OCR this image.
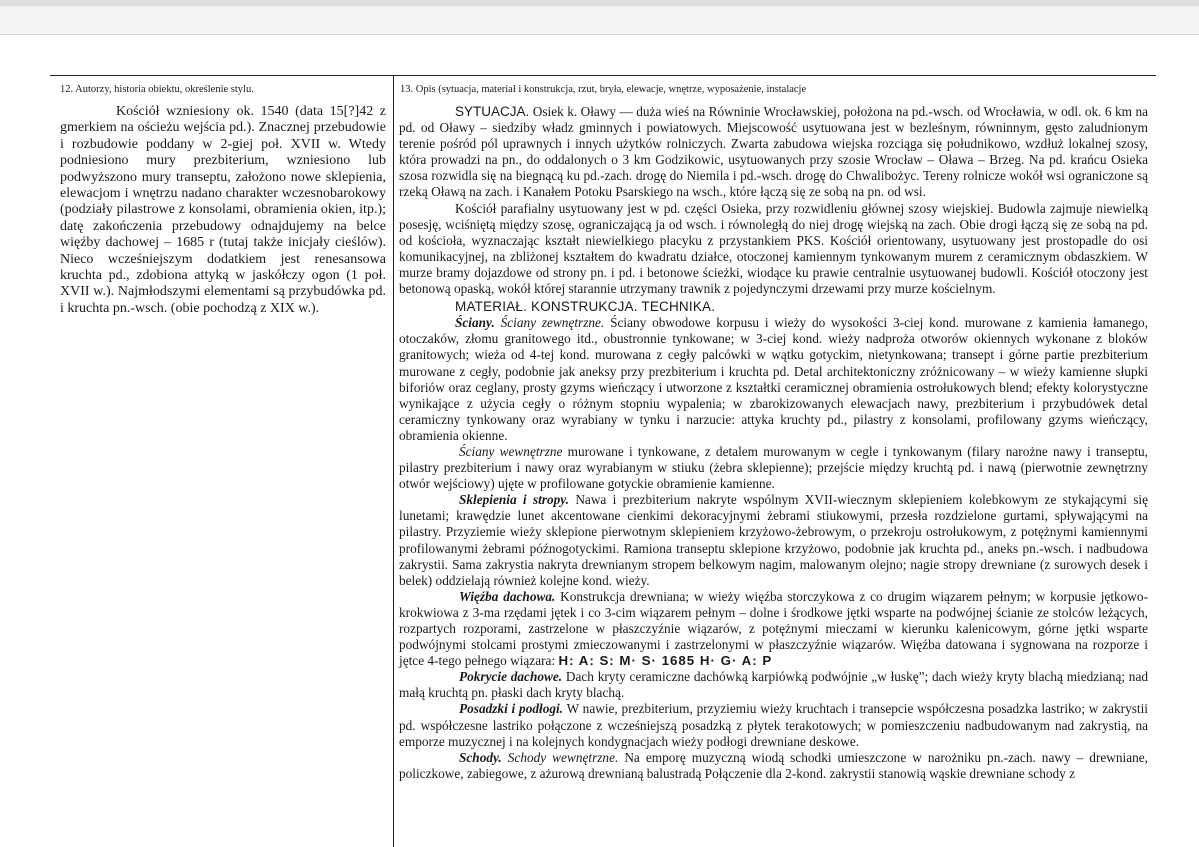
12. Autorzy, historia obiektu, określenie stylu.	13. Opis (sytuacja, materiał i konstrukcja, rzut, bryła, elewacje, wnętrze, wyposażenie, instalacje

Kościół wzniesiony ok. 1540 (data 15[?]42 z gmerkiem na ościeżu wejścia pd.). Znacznej przebudowie i rozbudowie poddany w 2-giej poł. XVII w. Wtedy podniesiono mury prezbiterium, wzniesiono lub podwyższono mury transeptu, założono nowe sklepienia, elewacjom i wnętrzu nadano charakter wczesnobarokowy (podziały pilastrowe z konsolami, obramienia okien, itp.); datę zakończenia przebudowy odnajdujemy na belce więźby dachowej – 1685 r (tutaj także inicjały cieślów). Nieco wcześniejszym dodatkiem jest renesansowa kruchta pd., zdobiona attyką w jaskółczy ogon (1 poł. XVII w.). Najmłodszymi elementami są przybudówka pd. i kruchta pn.-wsch. (obie pochodzą z XIX w.).

SYTUACJA. Osiek k. Oławy — duża wieś na Równinie Wrocławskiej, położona na pd.-wsch. od Wrocławia, w odl. ok. 6 km na pd. od Oławy – siedziby władz gminnych i powiatowych. Miejscowość usytuowana jest w bezleśnym, równinnym, gęsto zaludnionym terenie pośród pól uprawnych i innych użytków rolniczych. Zwarta zabudowa wiejska rozciąga się południkowo, wzdłuż lokalnej szosy, która prowadzi na pn., do oddalonych o 3 km Godzikowic, usytuowanych przy szosie Wrocław – Oława – Brzeg. Na pd. krańcu Osieka szosa rozwidla się na biegnącą ku pd.-zach. drogę do Niemila i pd.-wsch. drogę do Chwalibożyc. Tereny rolnicze wokół wsi ograniczone są rzeką Oławą na zach. i Kanałem Potoku Psarskiego na wsch., które łączą się ze sobą na pn. od wsi.

Kościół parafialny usytuowany jest w pd. części Osieka, przy rozwidleniu głównej szosy wiejskiej. Budowla zajmuje niewielką posesję, wciśniętą między szosę, ograniczającą ja od wsch. i równoległą do niej drogę wiejską na zach. Obie drogi łączą się ze sobą na pd. od kościoła, wyznaczając kształt niewielkiego placyku z przystankiem PKS. Kościół orientowany, usytuowany jest prostopadle do osi komunikacyjnej, na zbliżonej kształtem do kwadratu działce, otoczonej kamiennym tynkowanym murem z ceramicznym obdaszkiem. W murze bramy dojazdowe od strony pn. i pd. i betonowe ścieżki, wiodące ku prawie centralnie usytuowanej budowli. Kościół otoczony jest betonową opaską, wokół której starannie utrzymany trawnik z pojedynczymi drzewami przy murze kościelnym.

MATERIAŁ. KONSTRUKCJA. TECHNIKA.

Ściany. Ściany zewnętrzne. Ściany obwodowe korpusu i wieży do wysokości 3-ciej kond. murowane z kamienia łamanego, otoczaków, złomu granitowego itd., obustronnie tynkowane; w 3-ciej kond. wieży nadproża otworów okiennych wykonane z bloków granitowych; wieża od 4-tej kond. murowana z cegły palcówki w wątku gotyckim, nietynkowana; transept i górne partie prezbiterium murowane z cegły, podobnie jak aneksy przy prezbiterium i kruchta pd. Detal architektoniczny zróżnicowany – w wieży kamienne słupki biforiów oraz ceglany, prosty gzyms wieńczący i utworzone z kształtki ceramicznej obramienia ostrołukowych blend; efekty kolorystyczne wynikające z użycia cegły o różnym stopniu wypalenia; w zbarokizowanych elewacjach nawy, prezbiterium i przybudówek detal ceramiczny tynkowany oraz wyrabiany w tynku i narzucie: attyka kruchty pd., pilastry z konsolami, profilowany gzyms wieńczący, obramienia okienne.

Ściany wewnętrzne murowane i tynkowane, z detalem murowanym w cegle i tynkowanym (filary narożne nawy i transeptu, pilastry prezbiterium i nawy oraz wyrabianym w stiuku (żebra sklepienne); przejście między kruchtą pd. i nawą (pierwotnie zewnętrzny otwór wejściowy) ujęte w profilowane gotyckie obramienie kamienne.

Sklepienia i stropy. Nawa i prezbiterium nakryte wspólnym XVII-wiecznym sklepieniem kolebkowym ze stykającymi się lunetami; krawędzie lunet akcentowane cienkimi dekoracyjnymi żebrami stiukowymi, przesła rozdzielone gurtami, spływającymi na pilastry. Przyziemie wieży sklepione pierwotnym sklepieniem krzyżowo-żebrowym, o przekroju ostrołukowym, z potężnymi kamiennymi profilowanymi żebrami późnogotyckimi. Ramiona transeptu sklepione krzyżowo, podobnie jak kruchta pd., aneks pn.-wsch. i nadbudowa zakrystii. Sama zakrystia nakryta drewnianym stropem belkowym nagim, malowanym olejno; nagie stropy drewniane (z surowych desek i belek) oddzielają również kolejne kond. wieży.

Więźba dachowa. Konstrukcja drewniana; w wieży więźba storczykowa z co drugim wiązarem pełnym; w korpusie jętkowo-krokwiowa z 3-ma rzędami jętek i co 3-cim wiązarem pełnym – dolne i środkowe jętki wsparte na podwójnej ścianie ze stolców leżących, rozpartych rozporami, zastrzelone w płaszczyźnie wiązarów, z potężnymi mieczami w kierunku kalenicowym, górne jętki wsparte podwójnymi stolcami prostymi zmieczowanymi i zastrzelonymi w płaszczyźnie wiązarów. Więźba datowana i sygnowana na rozporze i jętce 4-tego pełnego wiązara: H: A: S: M· S· 1685 H· G· A: P

Pokrycie dachowe. Dach kryty ceramiczne dachówką karpiówką podwójnie „w łuskę”; dach wieży kryty blachą miedzianą; nad małą kruchtą pn. płaski dach kryty blachą.

Posadzki i podłogi. W nawie, prezbiterium, przyziemiu wieży kruchtach i transepcie współczesna posadzka lastriko; w zakrystii pd. współczesne lastriko połączone z wcześniejszą posadzką z płytek terakotowych; w pomieszczeniu nadbudowanym nad zakrystią, na emporze muzycznej i na kolejnych kondygnacjach wieży podłogi drewniane deskowe.

Schody. Schody wewnętrzne. Na emporę muzyczną wiodą schodki umieszczone w narożniku pn.-zach. nawy – drewniane, policzkowe, zabiegowe, z ażurową drewnianą balustradą Połączenie dla 2-kond. zakrystii stanowią wąskie drewniane schody z
